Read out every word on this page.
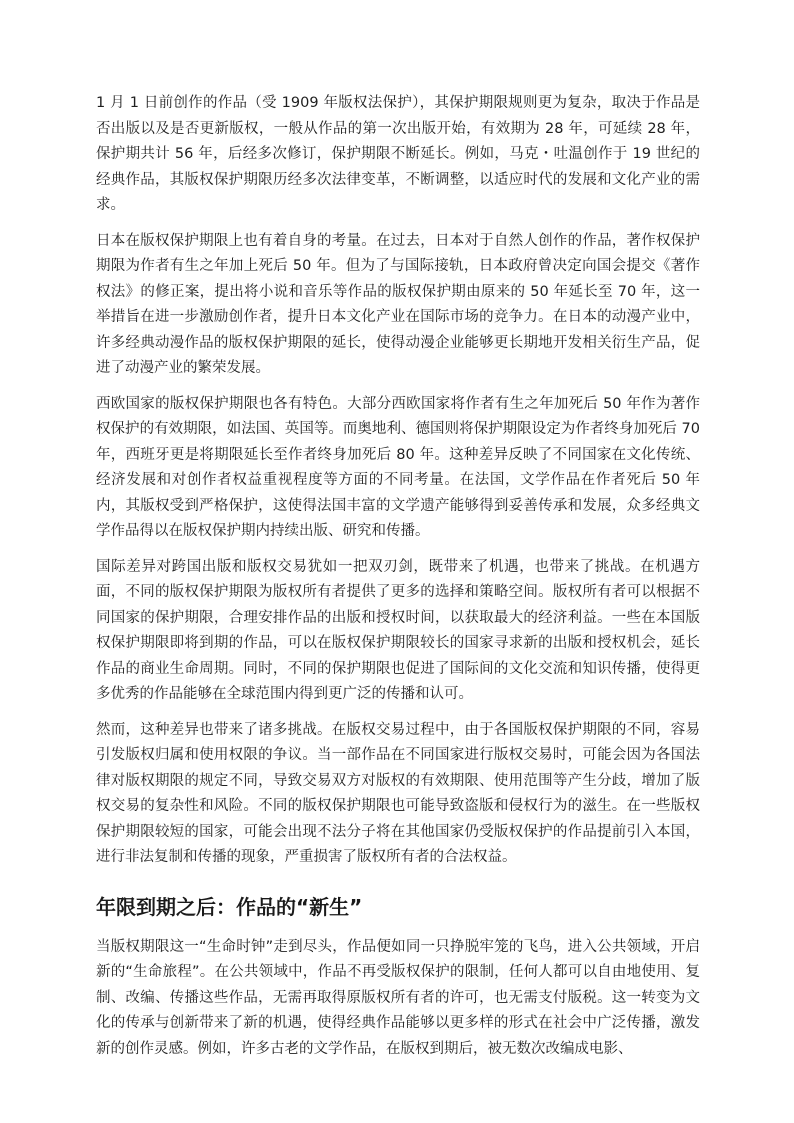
1 月 1 日前创作的作品（受 1909 年版权法保护），其保护期限规则更为复杂，取决于作品是否出版以及是否更新版权，一般从作品的第一次出版开始，有效期为 28 年，可延续 28 年，保护期共计 56 年，后经多次修订，保护期限不断延长。例如，马克・吐温创作于 19 世纪的经典作品，其版权保护期限历经多次法律变革，不断调整，以适应时代的发展和文化产业的需求。

日本在版权保护期限上也有着自身的考量。在过去，日本对于自然人创作的作品，著作权保护期限为作者有生之年加上死后 50 年。但为了与国际接轨，日本政府曾决定向国会提交《著作权法》的修正案，提出将小说和音乐等作品的版权保护期由原来的 50 年延长至 70 年，这一举措旨在进一步激励创作者，提升日本文化产业在国际市场的竞争力。在日本的动漫产业中，许多经典动漫作品的版权保护期限的延长，使得动漫企业能够更长期地开发相关衍生产品，促进了动漫产业的繁荣发展。

西欧国家的版权保护期限也各有特色。大部分西欧国家将作者有生之年加死后 50 年作为著作权保护的有效期限，如法国、英国等。而奥地利、德国则将保护期限设定为作者终身加死后 70 年，西班牙更是将期限延长至作者终身加死后 80 年。这种差异反映了不同国家在文化传统、经济发展和对创作者权益重视程度等方面的不同考量。在法国，文学作品在作者死后 50 年内，其版权受到严格保护，这使得法国丰富的文学遗产能够得到妥善传承和发展，众多经典文学作品得以在版权保护期内持续出版、研究和传播。

国际差异对跨国出版和版权交易犹如一把双刃剑，既带来了机遇，也带来了挑战。在机遇方面，不同的版权保护期限为版权所有者提供了更多的选择和策略空间。版权所有者可以根据不同国家的保护期限，合理安排作品的出版和授权时间，以获取最大的经济利益。一些在本国版权保护期限即将到期的作品，可以在版权保护期限较长的国家寻求新的出版和授权机会，延长作品的商业生命周期。同时，不同的保护期限也促进了国际间的文化交流和知识传播，使得更多优秀的作品能够在全球范围内得到更广泛的传播和认可。

然而，这种差异也带来了诸多挑战。在版权交易过程中，由于各国版权保护期限的不同，容易引发版权归属和使用权限的争议。当一部作品在不同国家进行版权交易时，可能会因为各国法律对版权期限的规定不同，导致交易双方对版权的有效期限、使用范围等产生分歧，增加了版权交易的复杂性和风险。不同的版权保护期限也可能导致盗版和侵权行为的滋生。在一些版权保护期限较短的国家，可能会出现不法分子将在其他国家仍受版权保护的作品提前引入本国，进行非法复制和传播的现象，严重损害了版权所有者的合法权益。

年限到期之后：作品的“新生”

当版权期限这一“生命时钟”走到尽头，作品便如同一只挣脱牢笼的飞鸟，进入公共领域，开启新的“生命旅程”。在公共领域中，作品不再受版权保护的限制，任何人都可以自由地使用、复制、改编、传播这些作品，无需再取得原版权所有者的许可，也无需支付版税。这一转变为文化的传承与创新带来了新的机遇，使得经典作品能够以更多样的形式在社会中广泛传播，激发新的创作灵感。例如，许多古老的文学作品，在版权到期后，被无数次改编成电影、
